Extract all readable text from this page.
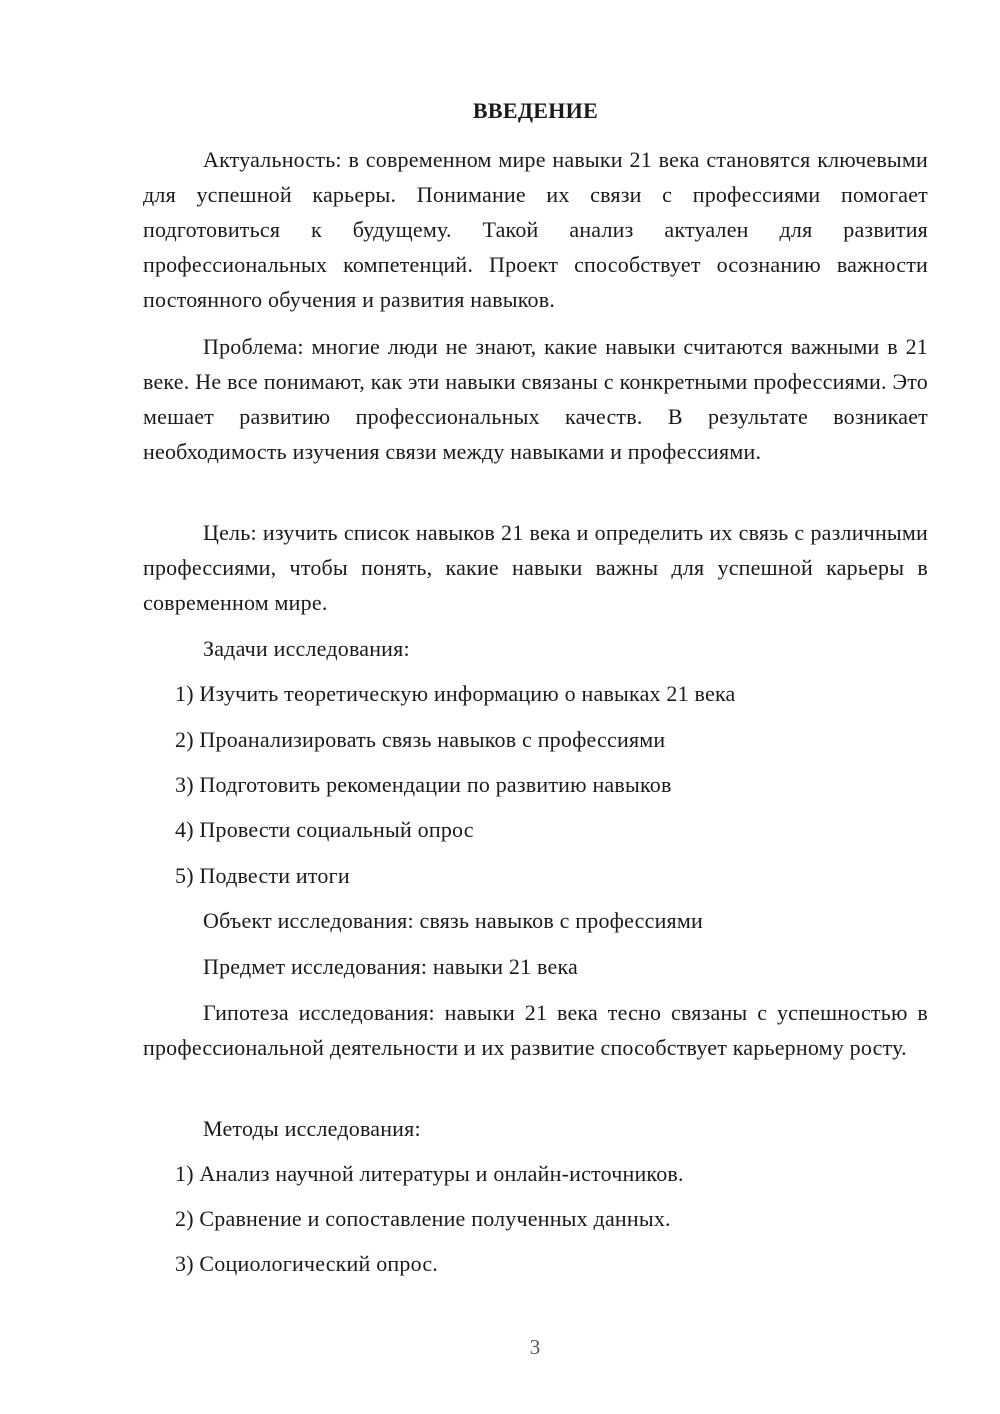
ВВЕДЕНИЕ

Актуальность: в современном мире навыки 21 века становятся ключевыми для успешной карьеры. Понимание их связи с профессиями помогает подготовиться к будущему. Такой анализ актуален для развития профессиональных компетенций. Проект способствует осознанию важности постоянного обучения и развития навыков.

Проблема: многие люди не знают, какие навыки считаются важными в 21 веке. Не все понимают, как эти навыки связаны с конкретными профессиями. Это мешает развитию профессиональных качеств. В результате возникает необходимость изучения связи между навыками и профессиями.

Цель: изучить список навыков 21 века и определить их связь с различными профессиями, чтобы понять, какие навыки важны для успешной карьеры в современном мире.

Задачи исследования:

1) Изучить теоретическую информацию о навыках 21 века

2) Проанализировать связь навыков с профессиями

3) Подготовить рекомендации по развитию навыков

4) Провести социальный опрос

5) Подвести итоги

Объект исследования: связь навыков с профессиями

Предмет исследования: навыки 21 века

Гипотеза исследования: навыки 21 века тесно связаны с успешностью в профессиональной деятельности и их развитие способствует карьерному росту.

Методы исследования:

1) Анализ научной литературы и онлайн-источников.

2) Сравнение и сопоставление полученных данных.

3) Социологический опрос.

3
